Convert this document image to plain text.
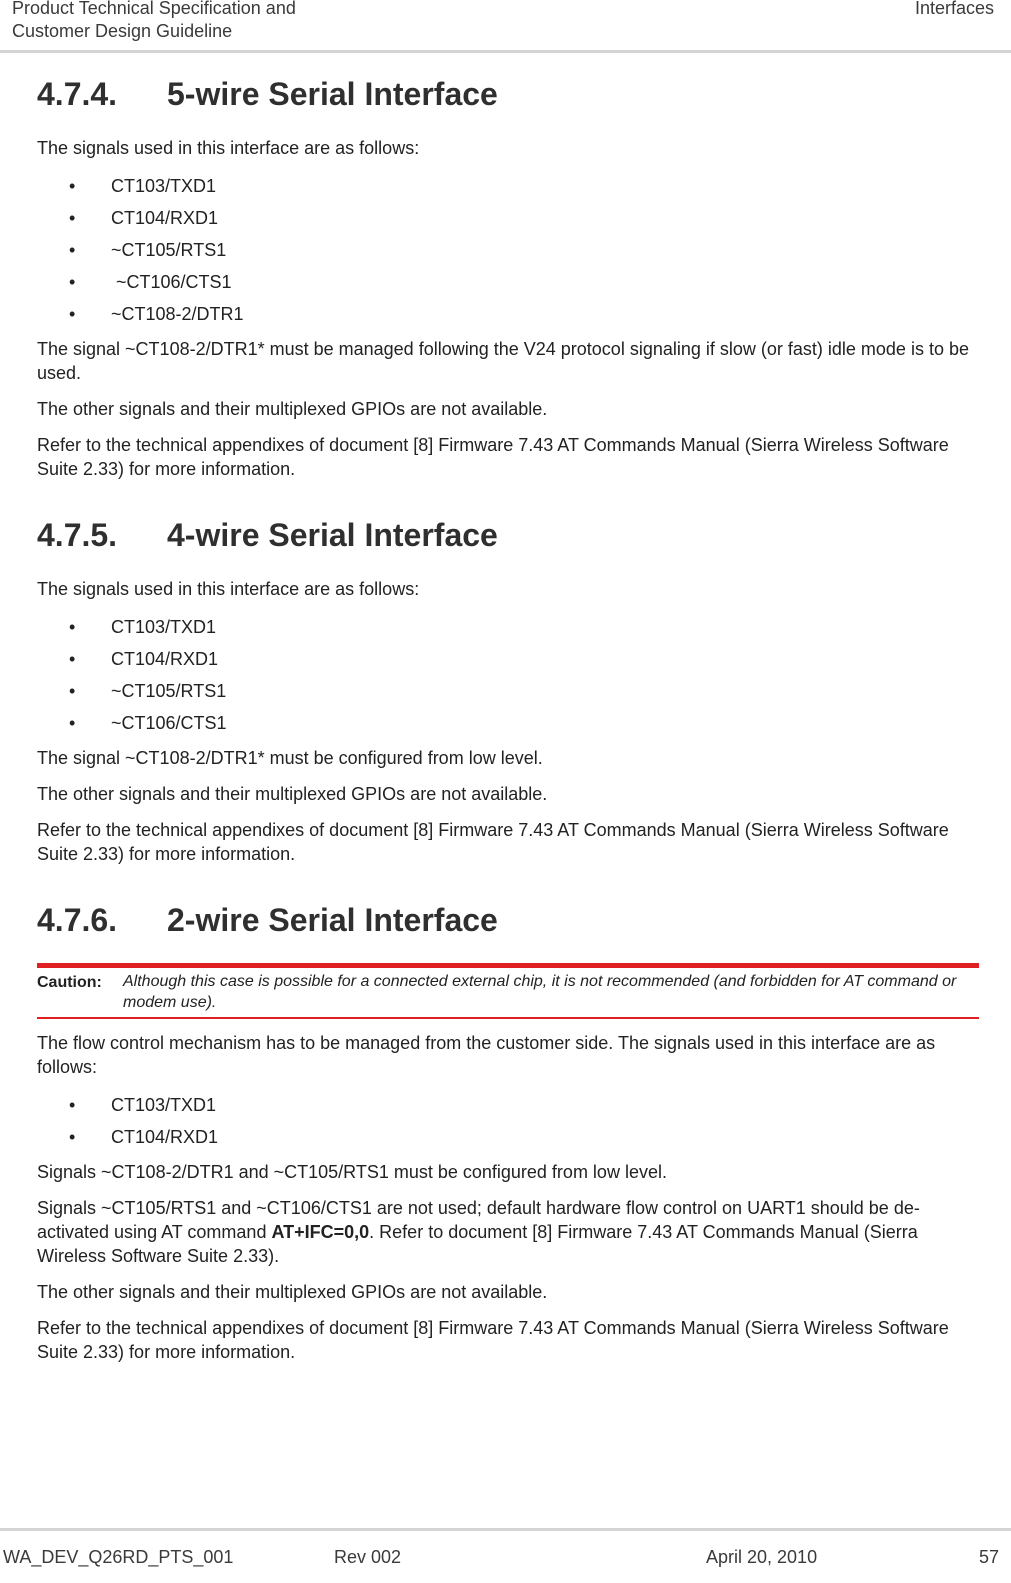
Product Technical Specification and
Customer Design Guideline
Interfaces
4.7.4. 5-wire Serial Interface

The signals used in this interface are as follows:

• CT103/TXD1
• CT104/RXD1
• ~CT105/RTS1
• ~CT106/CTS1
• ~CT108-2/DTR1

The signal ~CT108-2/DTR1* must be managed following the V24 protocol signaling if slow (or fast) idle mode is to be used.

The other signals and their multiplexed GPIOs are not available.

Refer to the technical appendixes of document [8] Firmware 7.43 AT Commands Manual (Sierra Wireless Software Suite 2.33) for more information.

4.7.5. 4-wire Serial Interface

The signals used in this interface are as follows:

• CT103/TXD1
• CT104/RXD1
• ~CT105/RTS1
• ~CT106/CTS1

The signal ~CT108-2/DTR1* must be configured from low level.

The other signals and their multiplexed GPIOs are not available.

Refer to the technical appendixes of document [8] Firmware 7.43 AT Commands Manual (Sierra Wireless Software Suite 2.33) for more information.

4.7.6. 2-wire Serial Interface
Caution:	Although this case is possible for a connected external chip, it is not recommended (and forbidden for AT command or modem use).

The flow control mechanism has to be managed from the customer side. The signals used in this interface are as follows:

• CT103/TXD1
• CT104/RXD1

Signals ~CT108-2/DTR1 and ~CT105/RTS1 must be configured from low level.

Signals ~CT105/RTS1 and ~CT106/CTS1 are not used; default hardware flow control on UART1 should be de-activated using AT command AT+IFC=0,0. Refer to document [8] Firmware 7.43 AT Commands Manual (Sierra Wireless Software Suite 2.33).

The other signals and their multiplexed GPIOs are not available.

Refer to the technical appendixes of document [8] Firmware 7.43 AT Commands Manual (Sierra Wireless Software Suite 2.33) for more information.

WA_DEV_Q26RD_PTS_001	Rev 002	April 20, 2010	57
